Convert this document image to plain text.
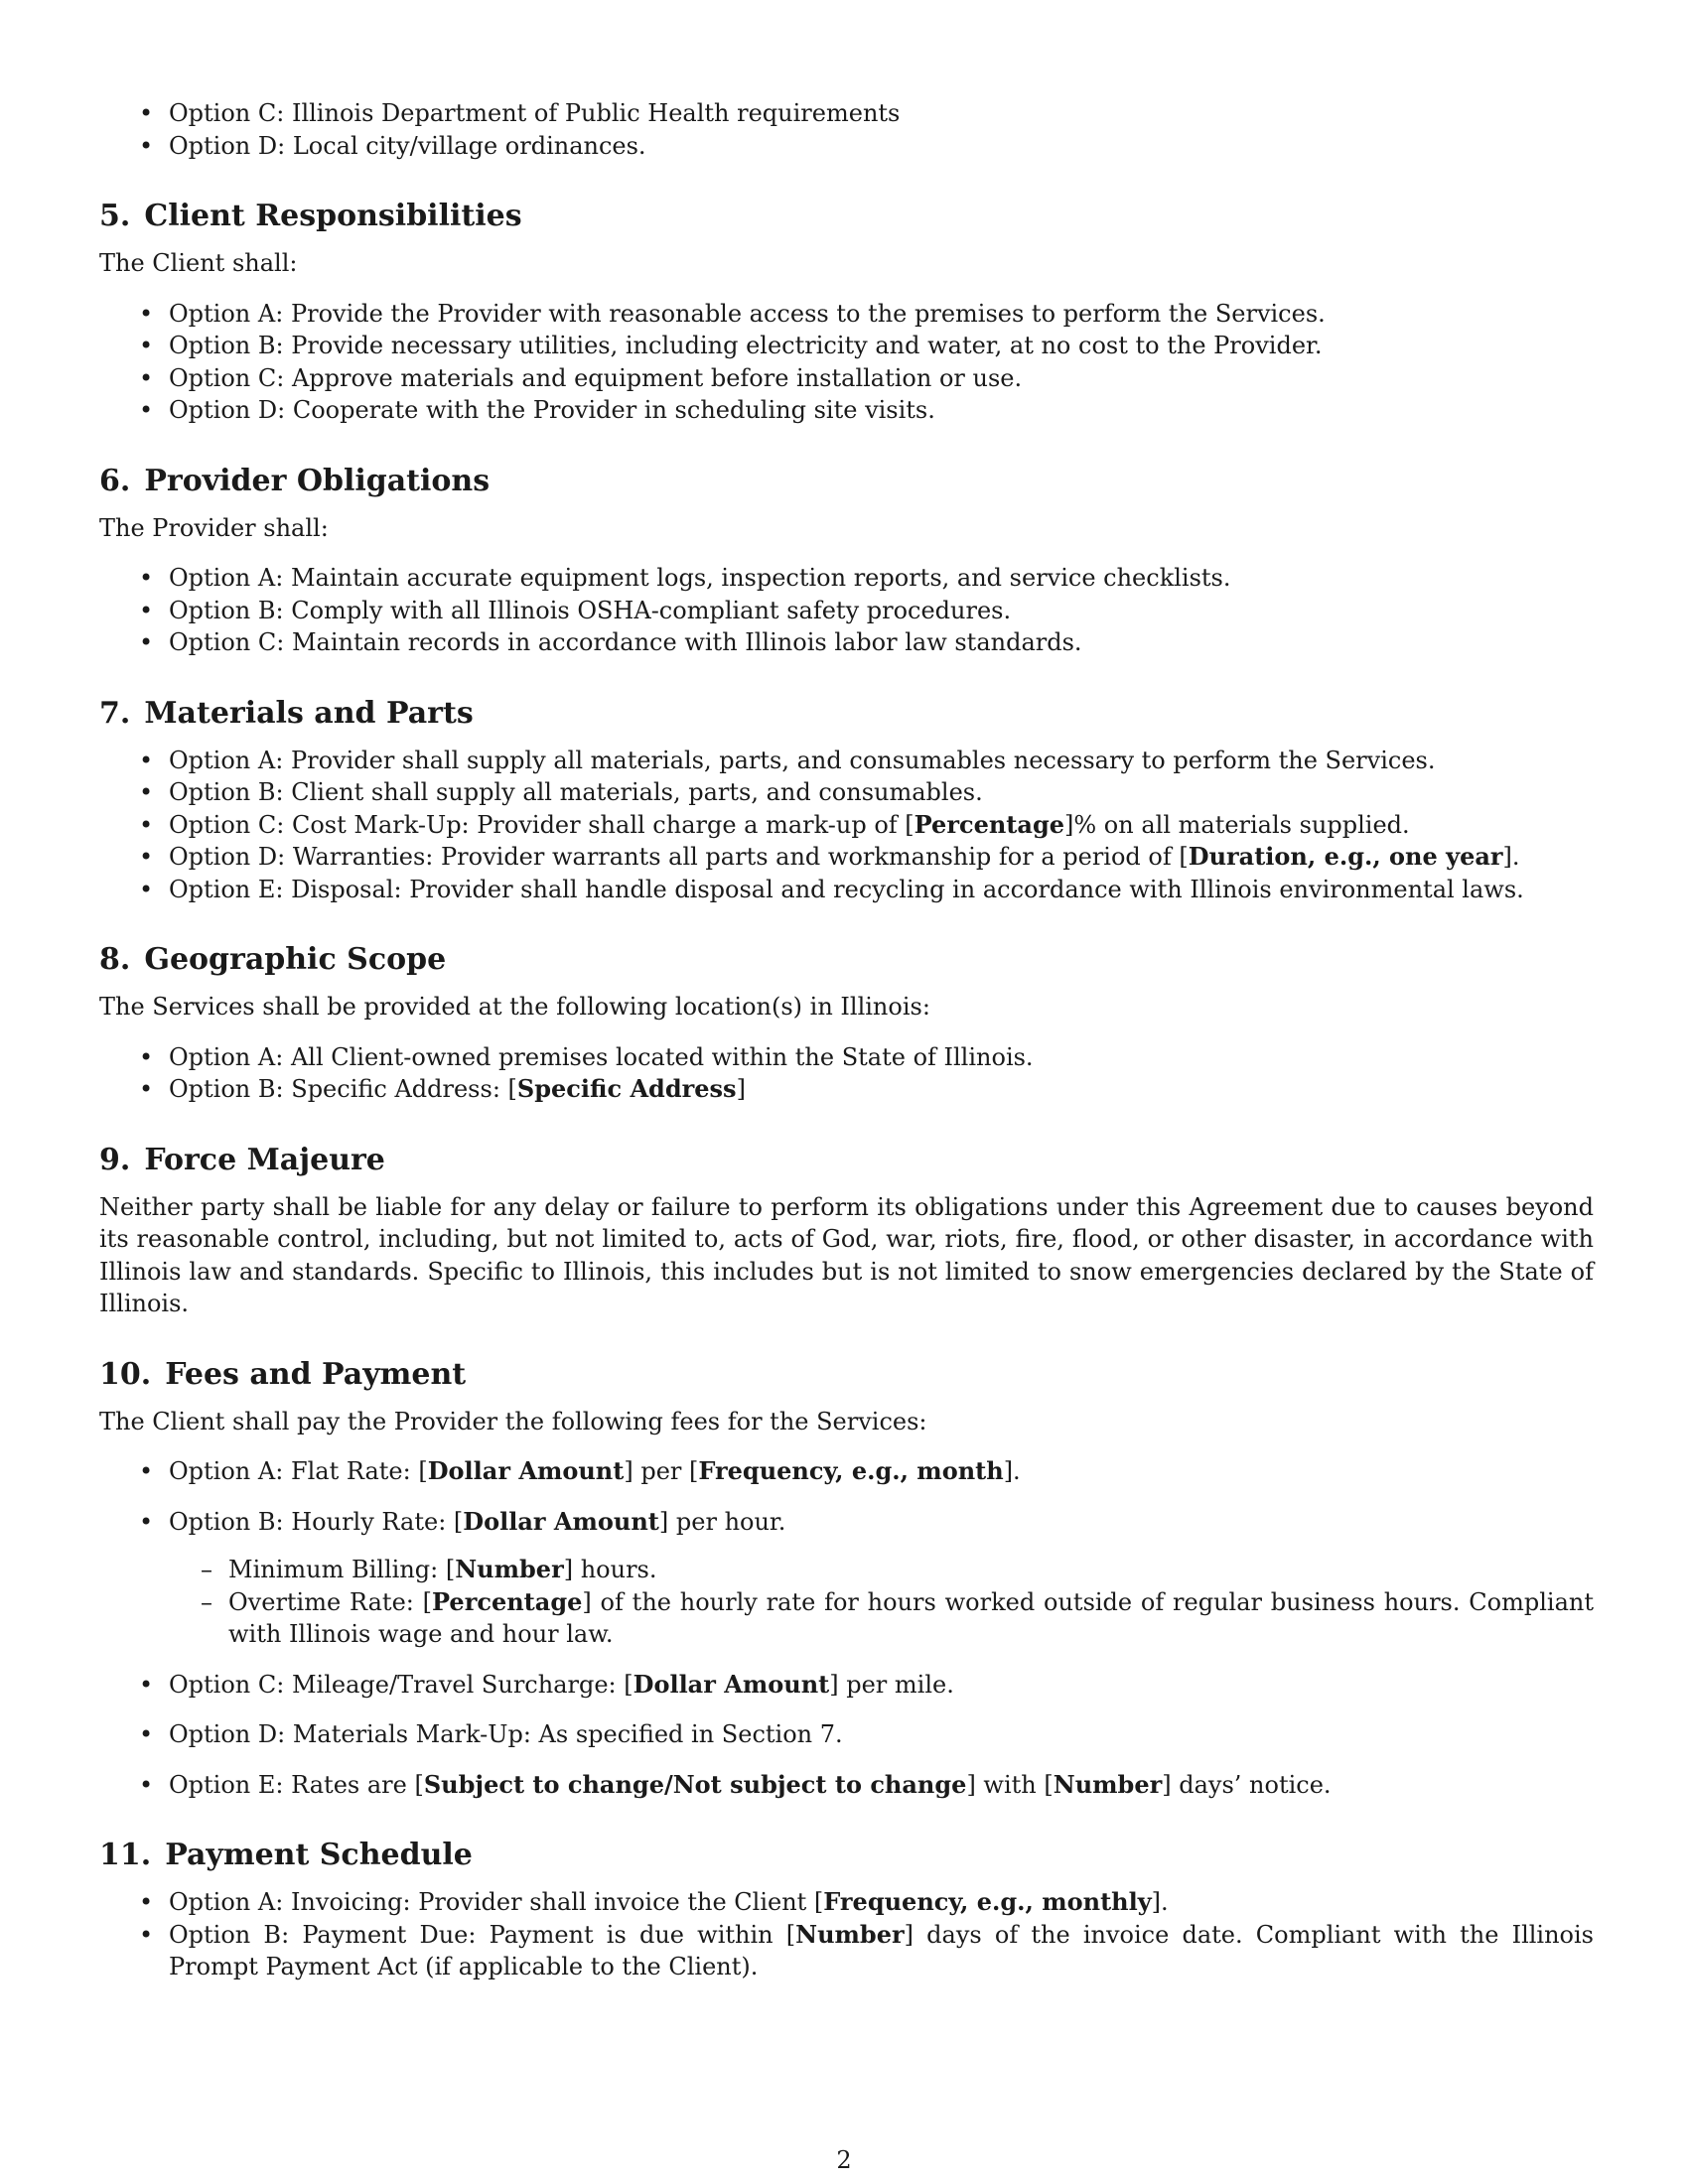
• Option C: Illinois Department of Public Health requirements
• Option D: Local city/village ordinances.
5. Client Responsibilities

The Client shall:

• Option A: Provide the Provider with reasonable access to the premises to perform the Services.
• Option B: Provide necessary utilities, including electricity and water, at no cost to the Provider.
• Option C: Approve materials and equipment before installation or use.
• Option D: Cooperate with the Provider in scheduling site visits.
6. Provider Obligations

The Provider shall:

• Option A: Maintain accurate equipment logs, inspection reports, and service checklists.
• Option B: Comply with all Illinois OSHA-compliant safety procedures.
• Option C: Maintain records in accordance with Illinois labor law standards.
7. Materials and Parts
• Option A: Provider shall supply all materials, parts, and consumables necessary to perform the Services.
• Option B: Client shall supply all materials, parts, and consumables.
• Option C: Cost Mark-Up: Provider shall charge a mark-up of [Percentage]% on all materials supplied.
• Option D: Warranties: Provider warrants all parts and workmanship for a period of [Duration, e.g., one year].
• Option E: Disposal: Provider shall handle disposal and recycling in accordance with Illinois environmental laws.
8. Geographic Scope

The Services shall be provided at the following location(s) in Illinois:

• Option A: All Client-owned premises located within the State of Illinois.
• Option B: Specific Address: [Specific Address]
9. Force Majeure

Neither party shall be liable for any delay or failure to perform its obligations under this Agreement due to causes beyond its reasonable control, including, but not limited to, acts of God, war, riots, fire, flood, or other disaster, in accordance with Illinois law and standards. Specific to Illinois, this includes but is not limited to snow emergencies declared by the State of Illinois.

10. Fees and Payment

The Client shall pay the Provider the following fees for the Services:

• Option A: Flat Rate: [Dollar Amount] per [Frequency, e.g., month].
• Option B: Hourly Rate: [Dollar Amount] per hour.
– Minimum Billing: [Number] hours.
– Overtime Rate: [Percentage] of the hourly rate for hours worked outside of regular business hours. Compliant with Illinois wage and hour law.
• Option C: Mileage/Travel Surcharge: [Dollar Amount] per mile.
• Option D: Materials Mark-Up: As specified in Section 7.
• Option E: Rates are [Subject to change/Not subject to change] with [Number] days’ notice.
11. Payment Schedule
• Option A: Invoicing: Provider shall invoice the Client [Frequency, e.g., monthly].
• Option B: Payment Due: Payment is due within [Number] days of the invoice date. Compliant with the Illinois Prompt Payment Act (if applicable to the Client).
2
